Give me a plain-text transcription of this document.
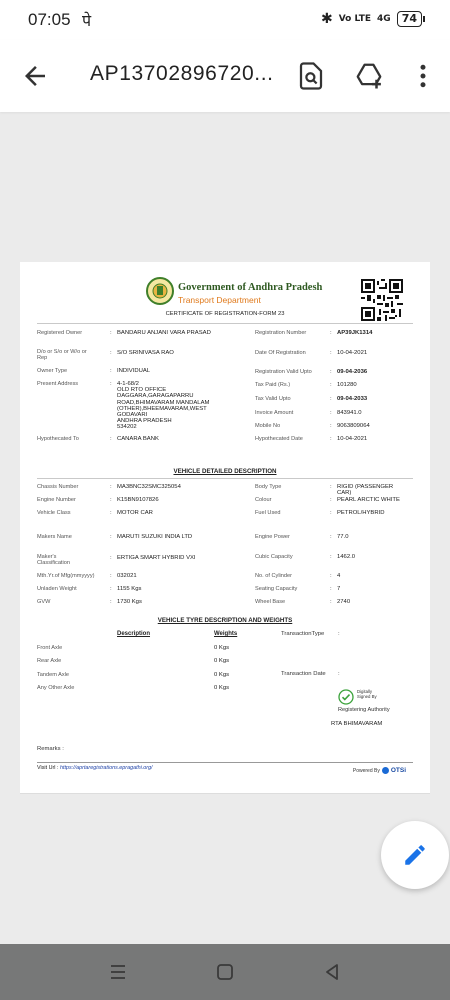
07:05 पे	✱ Vo LTE 4G	74
AP13702896720...
Government of Andhra Pradesh
Transport Department
CERTIFICATE OF REGISTRATION-FORM 23
Registered Owner	: BANDARU ANJANI VARA PRASAD
D/o or S/o or W/o or
Rep
: S/O SRINIVASA RAO
Owner Type	: INDIVIDUAL
Present Address	: 4-1-68/2
OLD RTO OFFICE
DAGGARA,GARAGAPARRU
ROAD,BHIMAVARAM MANDALAM
(OTHER),BHEEMAVARAM,WEST
GODAVARI
ANDHRA PRADESH
534202
Hypothecated To	: CANARA BANK
Registration Number	: AP39JK1314
Date Of Registration	: 10-04-2021
Registration Valid Upto	: 09-04-2036
Tax Paid (Rs.)	: 101280
Tax Valid Upto	: 09-04-2033
Invoice Amount	: 843941.0
Mobile No	: 9063809064
Hypothecated Date	: 10-04-2021
VEHICLE DETAILED DESCRIPTION
Chassis Number	: MA3BNC32SMC325054
Engine Number	: K15BN9107826
Vehicle Class	: MOTOR CAR
Makers Name	: MARUTI SUZUKI INDIA LTD
Maker's
Classification
: ERTIGA SMART HYBRID VXI
Mth.Yr.of Mfg(mmyyyy)	: 032021
Unladen Weight	: 1155 Kgs
GVW	: 1730 Kgs
Body Type	: RIGID (PASSENGER
CAR)
Colour	: PEARL ARCTIC WHITE
Fuel Used	: PETROL/HYBRID
Engine Power	: 77.0
Cubic Capacity	: 1462.0
No. of Cylinder	: 4
Seating Capacity	: 7
Wheel Base	: 2740
VEHICLE TYRE DESCRIPTION AND WEIGHTS
Description	Weights	TransactionType :
Front Axle	0 Kgs
Rear Axle	0 Kgs
Tandem Axle	0 Kgs
Any Other Axle	0 Kgs
Transaction Date :
Digitally
Signed By
Registering Authority
RTA BHIMAVARAM
Remarks :
Visit Url : https://aprtaregistrations.epragathi.org/	Powered By OTSi
